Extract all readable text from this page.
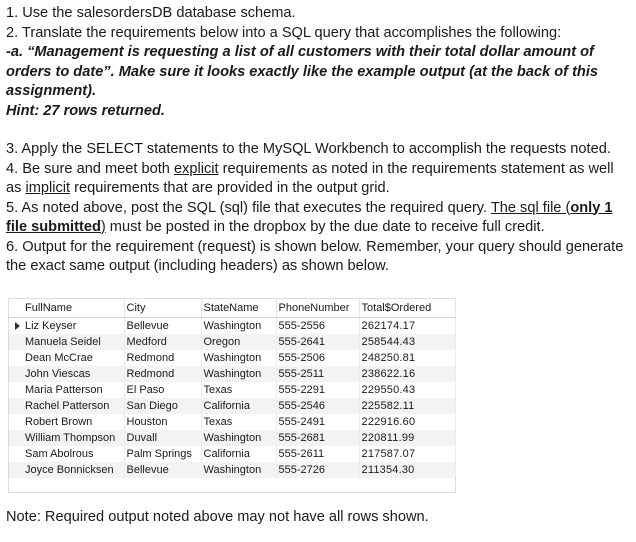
1. Use the salesordersDB database schema.

2. Translate the requirements below into a SQL query that accomplishes the following:

-a. “Management is requesting a list of all customers with their total dollar amount of orders to date”. Make sure it looks exactly like the example output (at the back of this assignment).

Hint: 27 rows returned.

3. Apply the SELECT statements to the MySQL Workbench to accomplish the requests noted.

4. Be sure and meet both explicit requirements as noted in the requirements statement as well as implicit requirements that are provided in the output grid.

5. As noted above, post the SQL (sql) file that executes the required query. The sql file (only 1 file submitted) must be posted in the dropbox by the due date to receive full credit.

6. Output for the requirement (request) is shown below. Remember, your query should generate the exact same output (including headers) as shown below.

	FullName	City	StateName	PhoneNumber	Total$Ordered
	Liz Keyser	Bellevue	Washington	555-2556	262174.17
	Manuela Seidel	Medford	Oregon	555-2641	258544.43
	Dean McCrae	Redmond	Washington	555-2506	248250.81
	John Viescas	Redmond	Washington	555-2511	238622.16
	Maria Patterson	El Paso	Texas	555-2291	229550.43
	Rachel Patterson	San Diego	California	555-2546	225582.11
	Robert Brown	Houston	Texas	555-2491	222916.60
	William Thompson	Duvall	Washington	555-2681	220811.99
	Sam Abolrous	Palm Springs	California	555-2611	217587.07
	Joyce Bonnicksen	Bellevue	Washington	555-2726	211354.30

Note: Required output noted above may not have all rows shown.
